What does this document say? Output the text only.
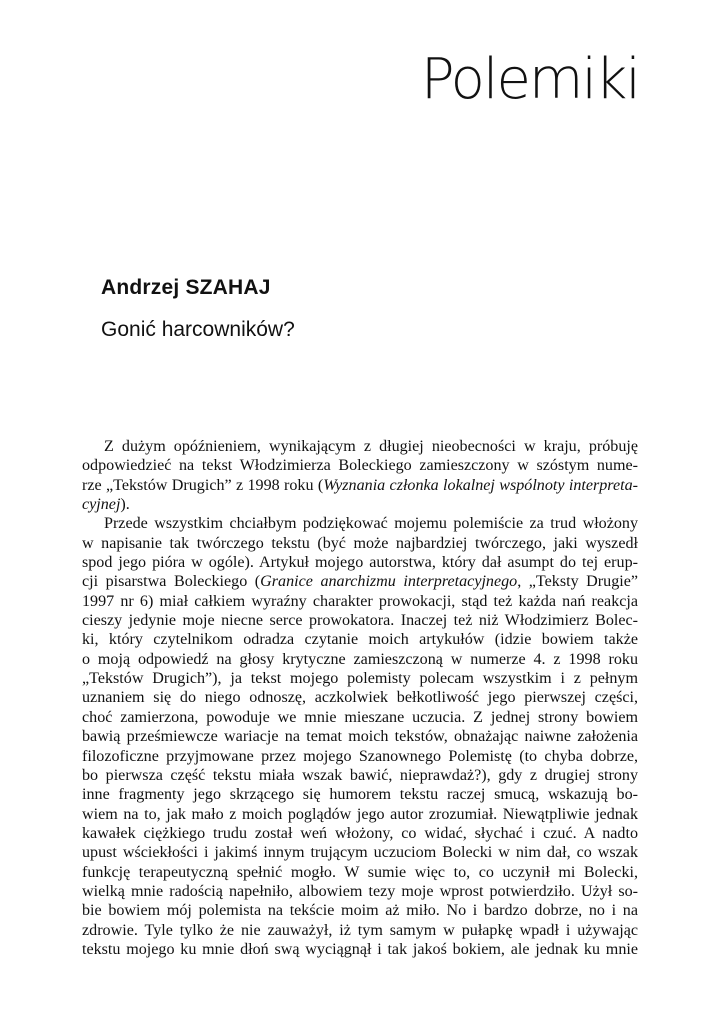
Polemiki
Andrzej SZAHAJ
Gonić harcowników?
Z dużym opóźnieniem, wynikającym z długiej nieobecności w kraju, próbuję
odpowiedzieć na tekst Włodzimierza Boleckiego zamieszczony w szóstym nume-
rze „Tekstów Drugich” z 1998 roku (Wyznania członka lokalnej wspólnoty interpreta-
cyjnej).
Przede wszystkim chciałbym podziękować mojemu polemiście za trud włożony
w napisanie tak twórczego tekstu (być może najbardziej twórczego, jaki wyszedł
spod jego pióra w ogóle). Artykuł mojego autorstwa, który dał asumpt do tej erup-
cji pisarstwa Boleckiego (Granice anarchizmu interpretacyjnego, „Teksty Drugie”
1997 nr 6) miał całkiem wyraźny charakter prowokacji, stąd też każda nań reakcja
cieszy jedynie moje niecne serce prowokatora. Inaczej też niż Włodzimierz Bolec-
ki, który czytelnikom odradza czytanie moich artykułów (idzie bowiem także
o moją odpowiedź na głosy krytyczne zamieszczoną w numerze 4. z 1998 roku
„Tekstów Drugich”), ja tekst mojego polemisty polecam wszystkim i z pełnym
uznaniem się do niego odnoszę, aczkolwiek bełkotliwość jego pierwszej części,
choć zamierzona, powoduje we mnie mieszane uczucia. Z jednej strony bowiem
bawią prześmiewcze wariacje na temat moich tekstów, obnażając naiwne założenia
filozoficzne przyjmowane przez mojego Szanownego Polemistę (to chyba dobrze,
bo pierwsza część tekstu miała wszak bawić, nieprawdaż?), gdy z drugiej strony
inne fragmenty jego skrzącego się humorem tekstu raczej smucą, wskazują bo-
wiem na to, jak mało z moich poglądów jego autor zrozumiał. Niewątpliwie jednak
kawałek ciężkiego trudu został weń włożony, co widać, słychać i czuć. A nadto
upust wściekłości i jakimś innym trującym uczuciom Bolecki w nim dał, co wszak
funkcję terapeutyczną spełnić mogło. W sumie więc to, co uczynił mi Bolecki,
wielką mnie radością napełniło, albowiem tezy moje wprost potwierdziło. Użył so-
bie bowiem mój polemista na tekście moim aż miło. No i bardzo dobrze, no i na
zdrowie. Tyle tylko że nie zauważył, iż tym samym w pułapkę wpadł i używając
tekstu mojego ku mnie dłoń swą wyciągnął i tak jakoś bokiem, ale jednak ku mnie
